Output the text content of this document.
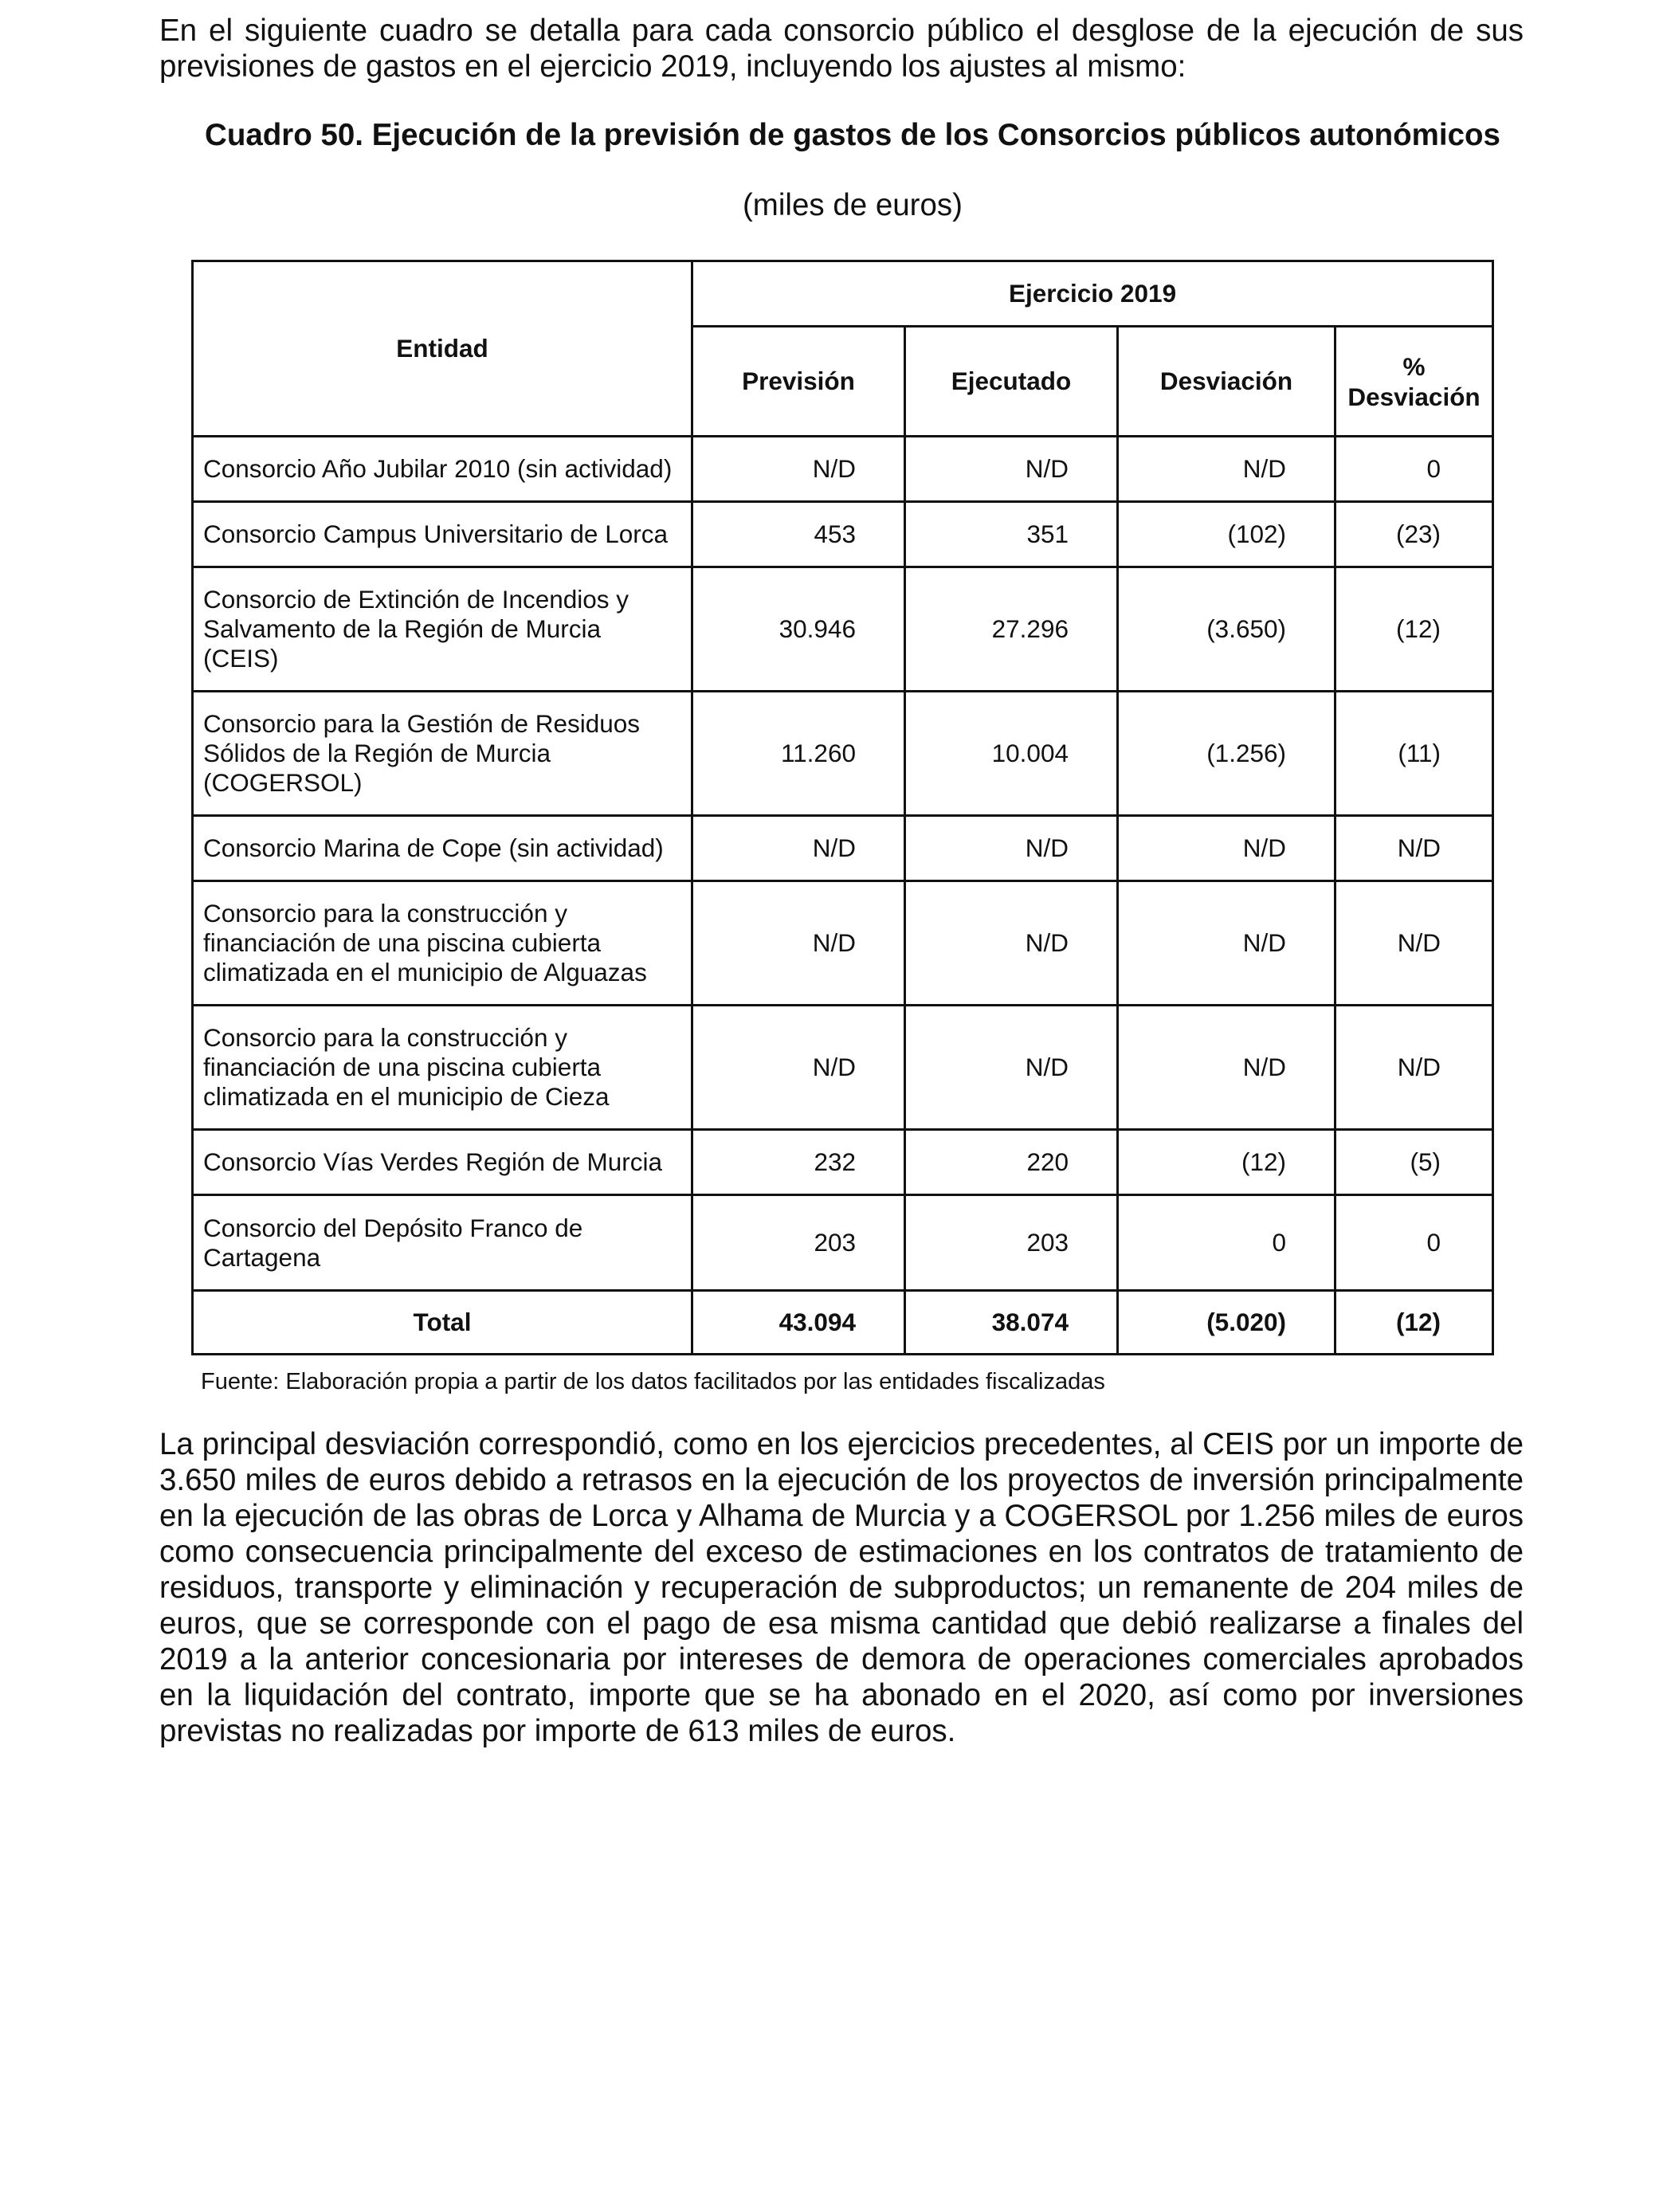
En el siguiente cuadro se detalla para cada consorcio público el desglose de la ejecución de sus previsiones de gastos en el ejercicio 2019, incluyendo los ajustes al mismo:

Cuadro 50. Ejecución de la previsión de gastos de los Consorcios públicos autonómicos

(miles de euros)

Entidad	Ejercicio 2019			
	Previsión	Ejecutado	Desviación	%
Desviación
Consorcio Año Jubilar 2010 (sin actividad)	N/D	N/D	N/D	0
Consorcio Campus Universitario de Lorca	453	351	(102)	(23)
Consorcio de Extinción de Incendios y Salvamento de la Región de Murcia (CEIS)	30.946	27.296	(3.650)	(12)
Consorcio para la Gestión de Residuos Sólidos de la Región de Murcia (COGERSOL)	11.260	10.004	(1.256)	(11)
Consorcio Marina de Cope (sin actividad)	N/D	N/D	N/D	N/D
Consorcio para la construcción y financiación de una piscina cubierta climatizada en el municipio de Alguazas	N/D	N/D	N/D	N/D
Consorcio para la construcción y financiación de una piscina cubierta climatizada en el municipio de Cieza	N/D	N/D	N/D	N/D
Consorcio Vías Verdes Región de Murcia	232	220	(12)	(5)
Consorcio del Depósito Franco de Cartagena	203	203	0	0
Total	43.094	38.074	(5.020)	(12)

Fuente: Elaboración propia a partir de los datos facilitados por las entidades fiscalizadas

La principal desviación correspondió, como en los ejercicios precedentes, al CEIS por un importe de 3.650 miles de euros debido a retrasos en la ejecución de los proyectos de inversión principalmente en la ejecución de las obras de Lorca y Alhama de Murcia y a COGERSOL por 1.256 miles de euros como consecuencia principalmente del exceso de estimaciones en los contratos de tratamiento de residuos, transporte y eliminación y recuperación de subproductos; un remanente de 204 miles de euros, que se corresponde con el pago de esa misma cantidad que debió realizarse a finales del 2019 a la anterior concesionaria por intereses de demora de operaciones comerciales aprobados en la liquidación del contrato, importe que se ha abonado en el 2020, así como por inversiones previstas no realizadas por importe de 613 miles de euros.
